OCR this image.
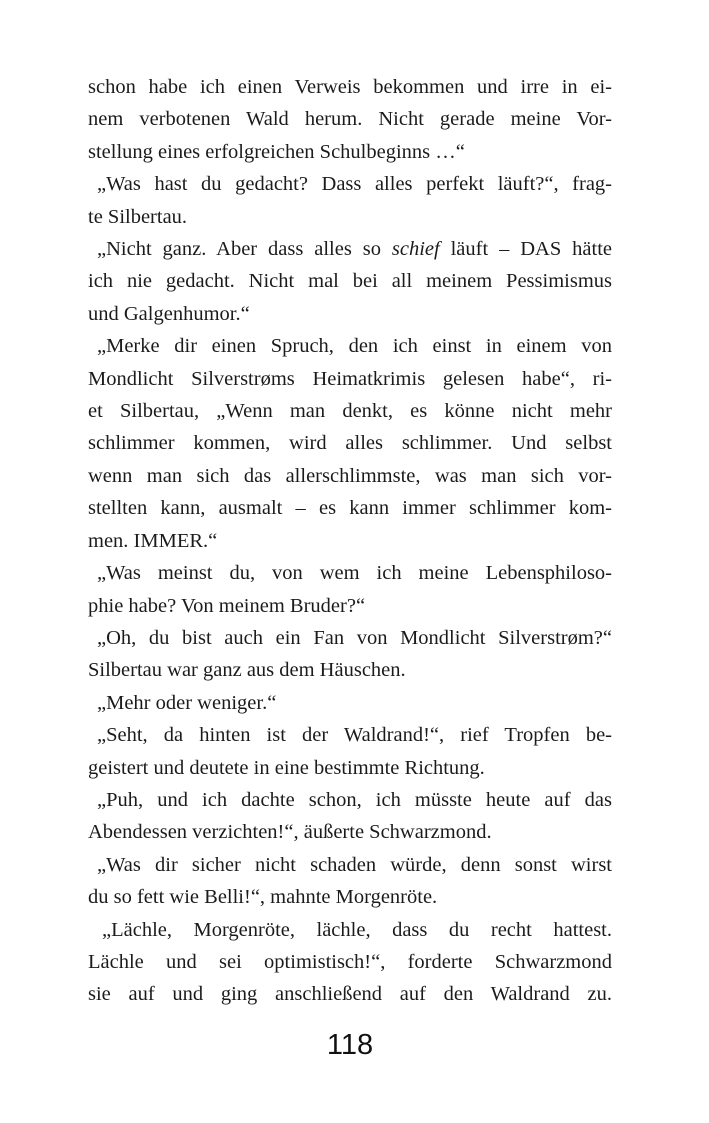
schon habe ich einen Verweis bekommen und irre in ei-
nem verbotenen Wald herum. Nicht gerade meine Vor-
stellung eines erfolgreichen Schulbeginns …“
„Was hast du gedacht? Dass alles perfekt läuft?“, frag-
te Silbertau.
„Nicht ganz. Aber dass alles so schief läuft – DAS hätte
ich nie gedacht. Nicht mal bei all meinem Pessimismus
und Galgenhumor.“
„Merke dir einen Spruch, den ich einst in einem von
Mondlicht Silverstrøms Heimatkrimis gelesen habe“, ri-
et Silbertau, „Wenn man denkt, es könne nicht mehr
schlimmer kommen, wird alles schlimmer. Und selbst
wenn man sich das allerschlimmste, was man sich vor-
stellten kann, ausmalt – es kann immer schlimmer kom-
men. IMMER.“
„Was meinst du, von wem ich meine Lebensphiloso-
phie habe? Von meinem Bruder?“
„Oh, du bist auch ein Fan von Mondlicht Silverstrøm?“
Silbertau war ganz aus dem Häuschen.
„Mehr oder weniger.“
„Seht, da hinten ist der Waldrand!“, rief Tropfen be-
geistert und deutete in eine bestimmte Richtung.
„Puh, und ich dachte schon, ich müsste heute auf das
Abendessen verzichten!“, äußerte Schwarzmond.
„Was dir sicher nicht schaden würde, denn sonst wirst
du so fett wie Belli!“, mahnte Morgenröte.
„Lächle, Morgenröte, lächle, dass du recht hattest.
Lächle und sei optimistisch!“, forderte Schwarzmond
sie auf und ging anschließend auf den Waldrand zu.
118
